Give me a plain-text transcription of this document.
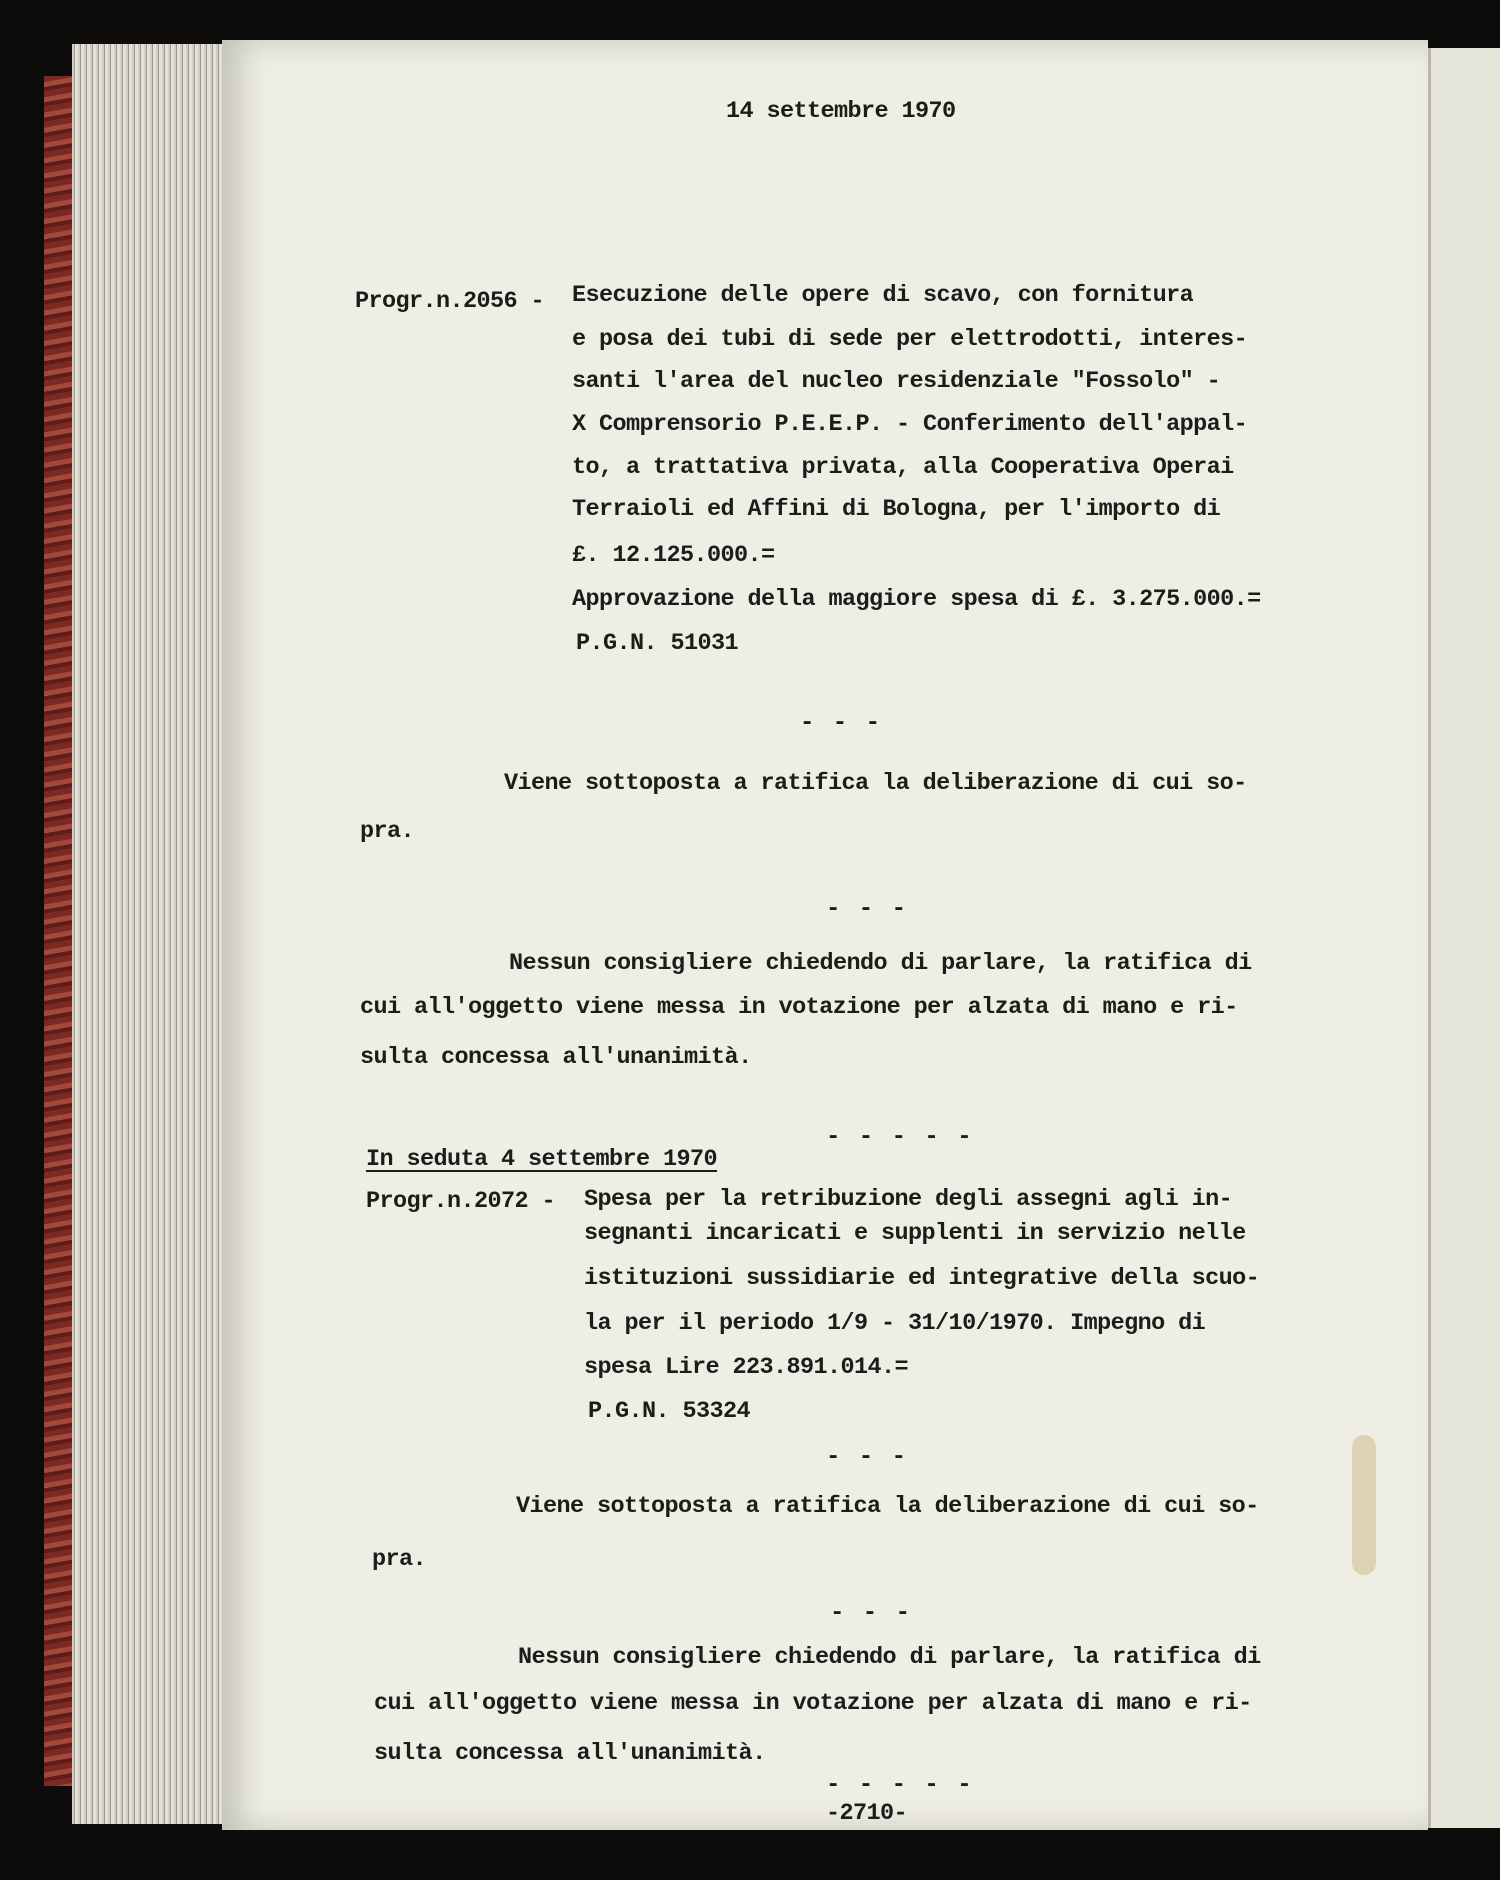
14 settembre 1970
Progr.n.2056 - Esecuzione delle opere di scavo, con fornitura
e posa dei tubi di sede per elettrodotti, interes-
santi l'area del nucleo residenziale "Fossolo" -
X Comprensorio P.E.E.P. - Conferimento dell'appal-
to, a trattativa privata, alla Cooperativa Operai
Terraioli ed Affini di Bologna, per l'importo di
£. 12.125.000.=
Approvazione della maggiore spesa di £. 3.275.000.=
P.G.N. 51031
- - -
Viene sottoposta a ratifica la deliberazione di cui so-
pra.
- - -
Nessun consigliere chiedendo di parlare, la ratifica di
cui all'oggetto viene messa in votazione per alzata di mano e ri-
sulta concessa all'unanimità.
- - - - -
In seduta 4 settembre 1970
Progr.n.2072 - Spesa per la retribuzione degli assegni agli in-
segnanti incaricati e supplenti in servizio nelle
istituzioni sussidiarie ed integrative della scuo-
la per il periodo 1/9 - 31/10/1970. Impegno di
spesa Lire 223.891.014.=
P.G.N. 53324
- - -
Viene sottoposta a ratifica la deliberazione di cui so-
pra.
- - -
Nessun consigliere chiedendo di parlare, la ratifica di
cui all'oggetto viene messa in votazione per alzata di mano e ri-
sulta concessa all'unanimità.
- - - - -
-2710-
